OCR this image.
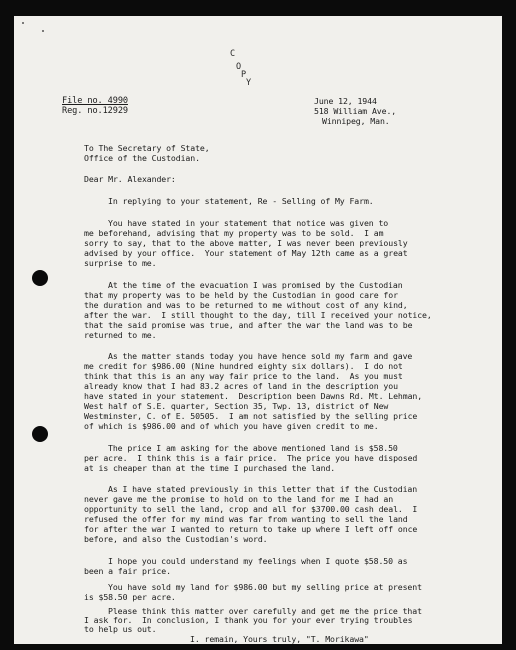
C
O
P
Y
File no. 4990
Reg. no.12929
June 12, 1944
518 William Ave.,
Winnipeg, Man.
To The Secretary of State,
Office of the Custodian.
Dear Mr. Alexander:
In replying to your statement, Re - Selling of My Farm.
You have stated in your statement that notice was given to
me beforehand, advising that my property was to be sold.  I am
sorry to say, that to the above matter, I was never been previously
advised by your office.  Your statement of May 12th came as a great
surprise to me.
At the time of the evacuation I was promised by the Custodian
that my property was to be held by the Custodian in good care for
the duration and was to be returned to me without cost of any kind,
after the war.  I still thought to the day, till I received your notice,
that the said promise was true, and after the war the land was to be
returned to me.
As the matter stands today you have hence sold my farm and gave
me credit for $986.00 (Nine hundred eighty six dollars).  I do not
think that this is an any way fair price to the land.  As you must
already know that I had 83.2 acres of land in the description you
have stated in your statement.  Description been Dawns Rd. Mt. Lehman,
West half of S.E. quarter, Section 35, Twp. 13, district of New
Westminster, C. of E. 50505.  I am not satisfied by the selling price
of which is $986.00 and of which you have given credit to me.
The price I am asking for the above mentioned land is $58.50
per acre.  I think this is a fair price.  The price you have disposed
at is cheaper than at the time I purchased the land.
As I have stated previously in this letter that if the Custodian
never gave me the promise to hold on to the land for me I had an
opportunity to sell the land, crop and all for $3700.00 cash deal.  I
refused the offer for my mind was far from wanting to sell the land
for after the war I wanted to return to take up where I left off once
before, and also the Custodian's word.
I hope you could understand my feelings when I quote $58.50 as
been a fair price.
You have sold my land for $986.00 but my selling price at present
is $58.50 per acre.
Please think this matter over carefully and get me the price that
I ask for.  In conclusion, I thank you for your ever trying troubles
to help us out.
I. remain, Yours truly, "T. Morikawa"
